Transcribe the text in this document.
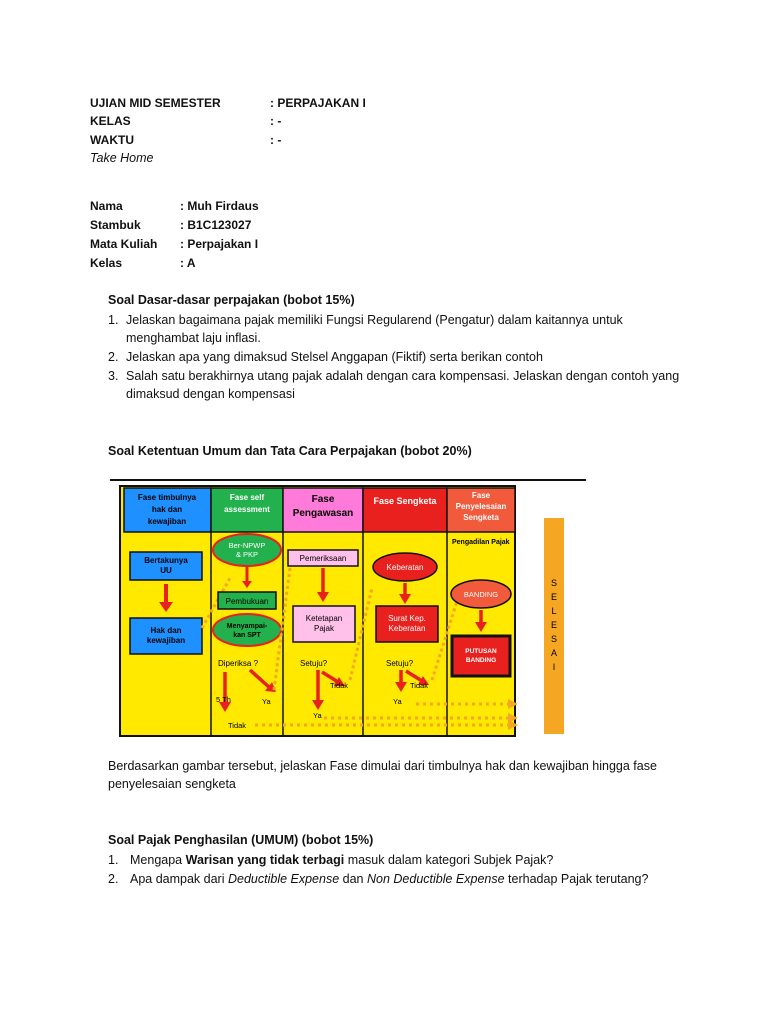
UJIAN MID SEMESTER	: PERPAJAKAN I
KELAS	: -
WAKTU	: -
Take Home
Nama	: Muh Firdaus
Stambuk	: B1C123027
Mata Kuliah : Perpajakan I
Kelas	: A
Soal Dasar-dasar perpajakan (bobot 15%)
1. Jelaskan bagaimana pajak memiliki Fungsi Regularend (Pengatur) dalam kaitannya untuk
menghambat laju inflasi.
2. Jelaskan apa yang dimaksud Stelsel Anggapan (Fiktif) serta berikan contoh
3. Salah satu berakhirnya utang pajak adalah dengan cara kompensasi. Jelaskan dengan contoh yang
dimaksud dengan kompensasi
Soal Ketentuan Umum dan Tata Cara Perpajakan (bobot 20%)
Fase timbulnya hak dan kewajiban
Fase self assessment
Fase Pengawasan
Fase Sengketa
Fase Penyelesaian Sengketa
Bertakunya UU
Hak dan kewajiban
Ber-NPWP & PKP
Pembukuan
Menyampai-kan SPT
Diperiksa ?
5 Th	Ya
Tidak
Pemeriksaan
Ketetapan Pajak
Setuju?
Ya
Tidak
Keberatan
Surat Kep. Keberatan
Setuju?
Ya
Tidak
Pengadilan Pajak
BANDING
PUTUSAN BANDING
S E L E S A I
Berdasarkan gambar tersebut, jelaskan Fase dimulai dari timbulnya hak dan kewajiban hingga fase
penyelesaian sengketa
Soal Pajak Penghasilan (UMUM) (bobot 15%)
1. Mengapa Warisan yang tidak terbagi masuk dalam kategori Subjek Pajak?
2. Apa dampak dari Deductible Expense dan Non Deductible Expense terhadap Pajak terutang?
